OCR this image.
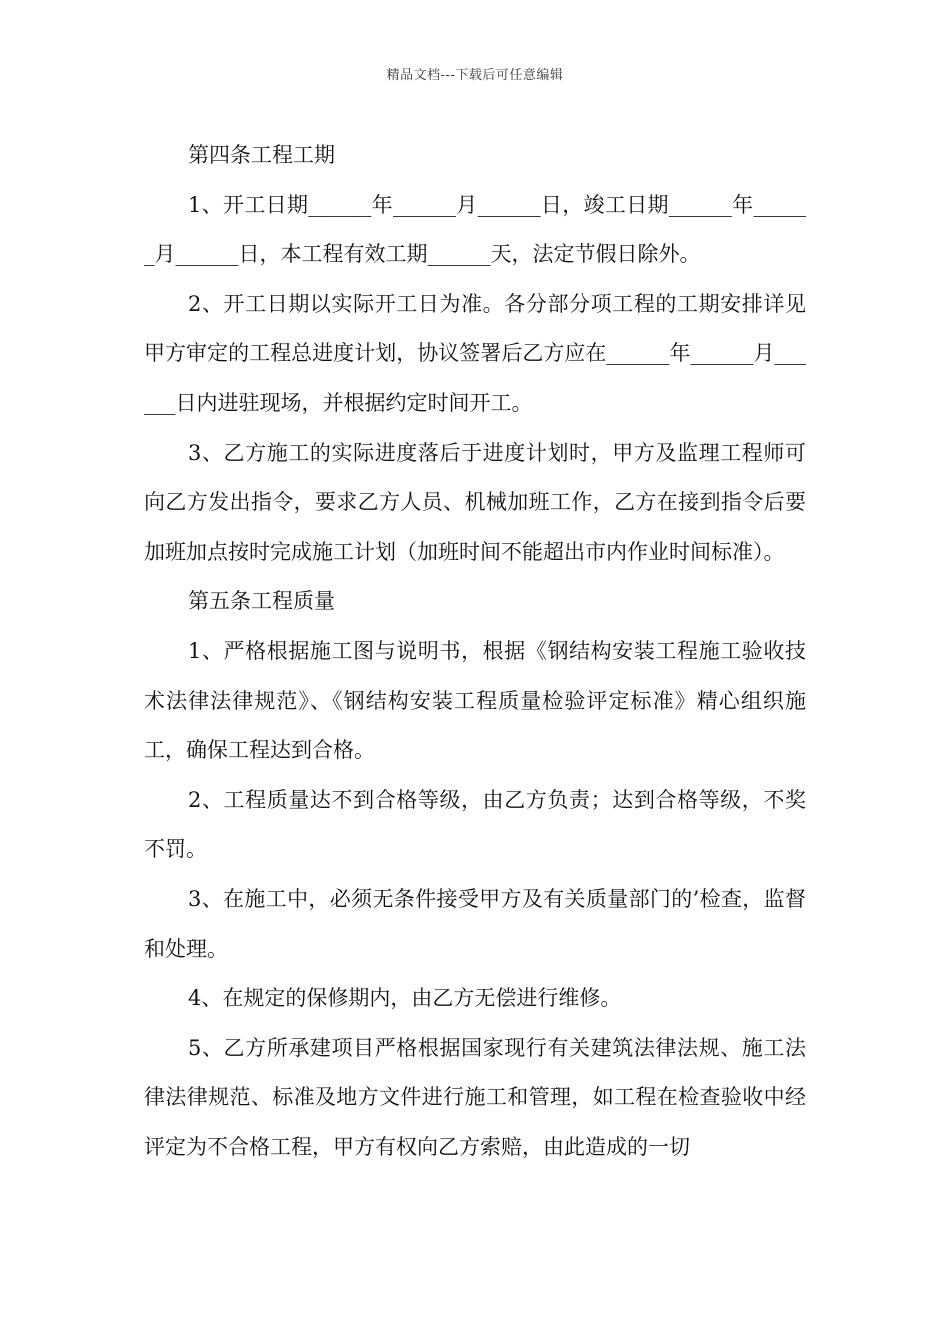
精品文档---下载后可任意编辑

第四条工程工期

1、开工日期______年______月______日，竣工日期______年______月______日，本工程有效工期______天，法定节假日除外。

2、开工日期以实际开工日为准。各分部分项工程的工期安排详见甲方审定的工程总进度计划，协议签署后乙方应在______年______月______日内进驻现场，并根据约定时间开工。

3、乙方施工的实际进度落后于进度计划时，甲方及监理工程师可向乙方发出指令，要求乙方人员、机械加班工作，乙方在接到指令后要加班加点按时完成施工计划（加班时间不能超出市内作业时间标准）。

第五条工程质量

1、严格根据施工图与说明书，根据《钢结构安装工程施工验收技术法律法律规范》、《钢结构安装工程质量检验评定标准》精心组织施工，确保工程达到合格。

2、工程质量达不到合格等级，由乙方负责；达到合格等级，不奖不罚。

3、在施工中，必须无条件接受甲方及有关质量部门的’检查，监督和处理。

4、在规定的保修期内，由乙方无偿进行维修。

5、乙方所承建项目严格根据国家现行有关建筑法律法规、施工法律法律规范、标准及地方文件进行施工和管理，如工程在检查验收中经评定为不合格工程，甲方有权向乙方索赔，由此造成的一切
